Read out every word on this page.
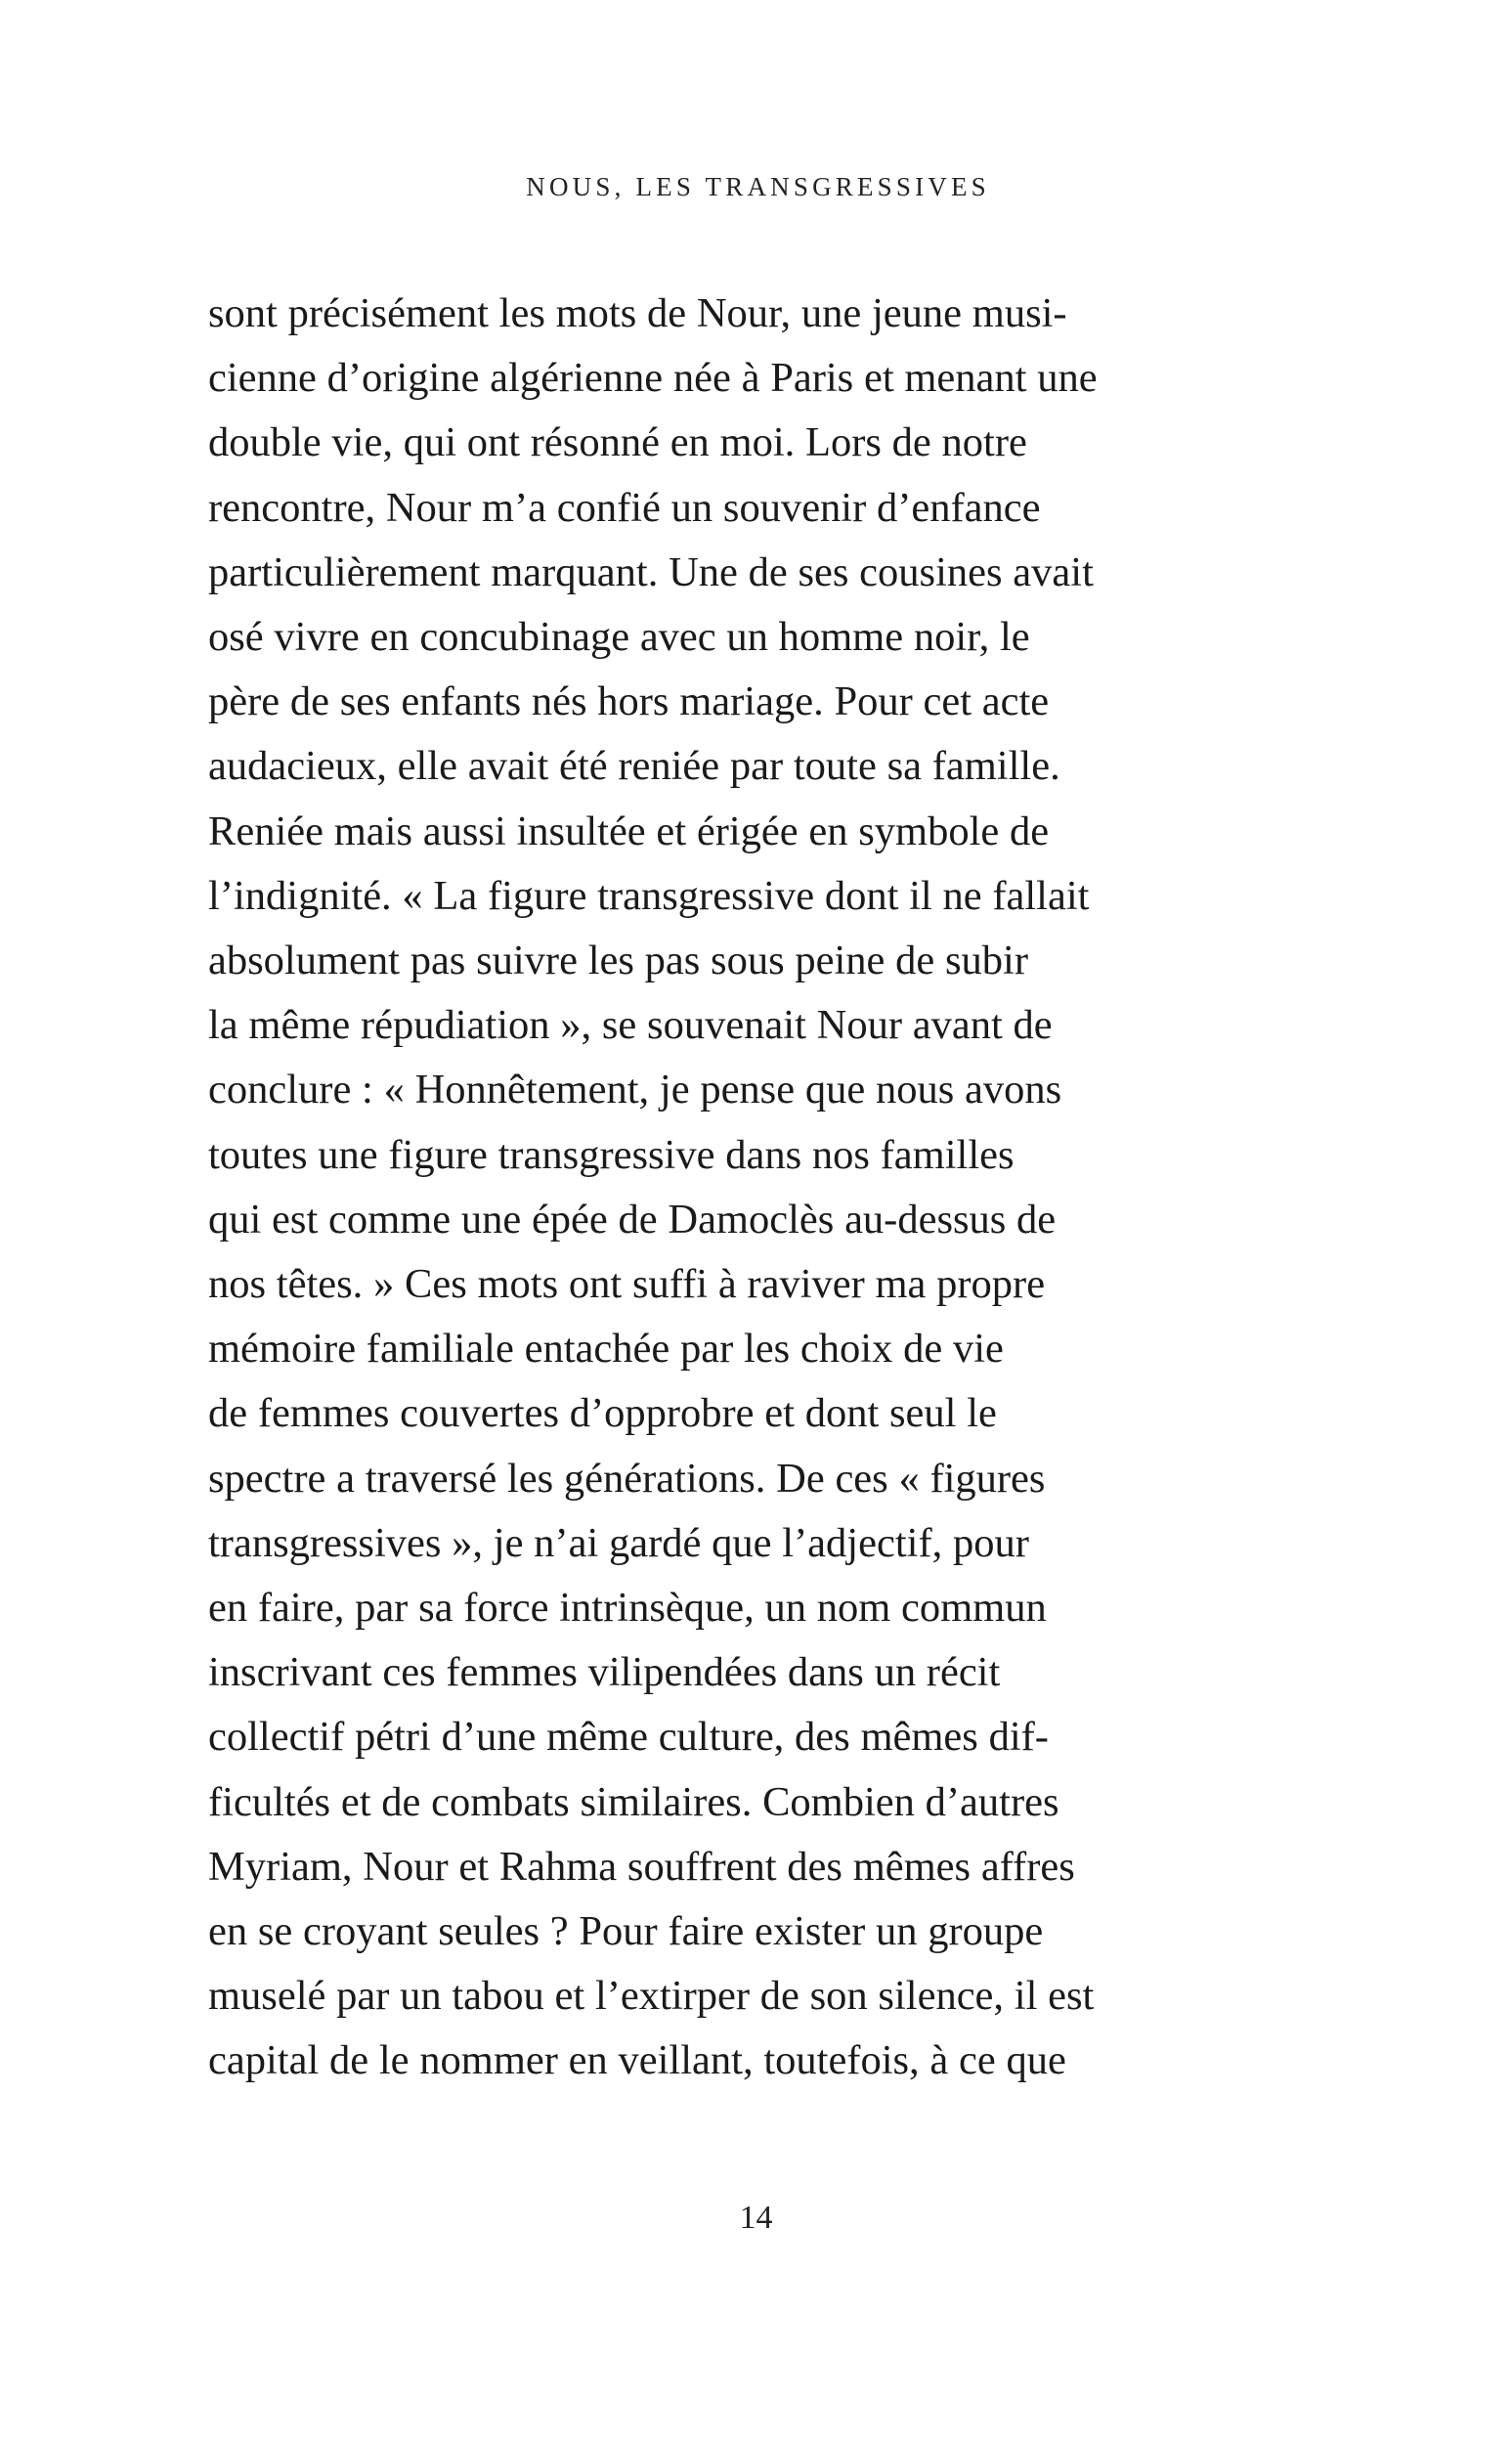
NOUS, LES TRANSGRESSIVES
sont précisément les mots de Nour, une jeune musi-
cienne d’origine algérienne née à Paris et menant une
double vie, qui ont résonné en moi. Lors de notre
rencontre, Nour m’a confié un souvenir d’enfance
particulièrement marquant. Une de ses cousines avait
osé vivre en concubinage avec un homme noir, le
père de ses enfants nés hors mariage. Pour cet acte
audacieux, elle avait été reniée par toute sa famille.
Reniée mais aussi insultée et érigée en symbole de
l’indignité. « La figure transgressive dont il ne fallait
absolument pas suivre les pas sous peine de subir
la même répudiation », se souvenait Nour avant de
conclure : « Honnêtement, je pense que nous avons
toutes une figure transgressive dans nos familles
qui est comme une épée de Damoclès au-dessus de
nos têtes. » Ces mots ont suffi à raviver ma propre
mémoire familiale entachée par les choix de vie
de femmes couvertes d’opprobre et dont seul le
spectre a traversé les générations. De ces « figures
transgressives », je n’ai gardé que l’adjectif, pour
en faire, par sa force intrinsèque, un nom commun
inscrivant ces femmes vilipendées dans un récit
collectif pétri d’une même culture, des mêmes dif-
ficultés et de combats similaires. Combien d’autres
Myriam, Nour et Rahma souffrent des mêmes affres
en se croyant seules ? Pour faire exister un groupe
muselé par un tabou et l’extirper de son silence, il est
capital de le nommer en veillant, toutefois, à ce que
14
